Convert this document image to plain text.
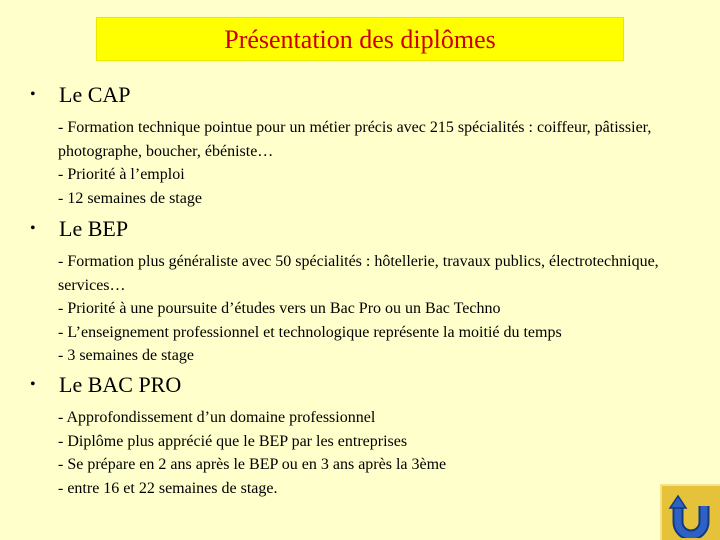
Présentation des diplômes
• Le CAP
- Formation technique pointue pour un métier précis avec 215 spécialités : coiffeur, pâtissier, photographe, boucher, ébéniste…
- Priorité à l’emploi
- 12 semaines de stage
• Le BEP
- Formation plus généraliste avec 50 spécialités : hôtellerie, travaux publics, électrotechnique, services…
- Priorité à une poursuite d’études vers un Bac Pro ou un Bac Techno
- L’enseignement professionnel et technologique représente la moitié du temps
- 3 semaines de stage
• Le BAC PRO
- Approfondissement d’un domaine professionnel
- Diplôme plus apprécié que le BEP par les entreprises
- Se prépare en 2 ans après le BEP ou en 3 ans après la 3ème
- entre 16 et 22 semaines de stage.
